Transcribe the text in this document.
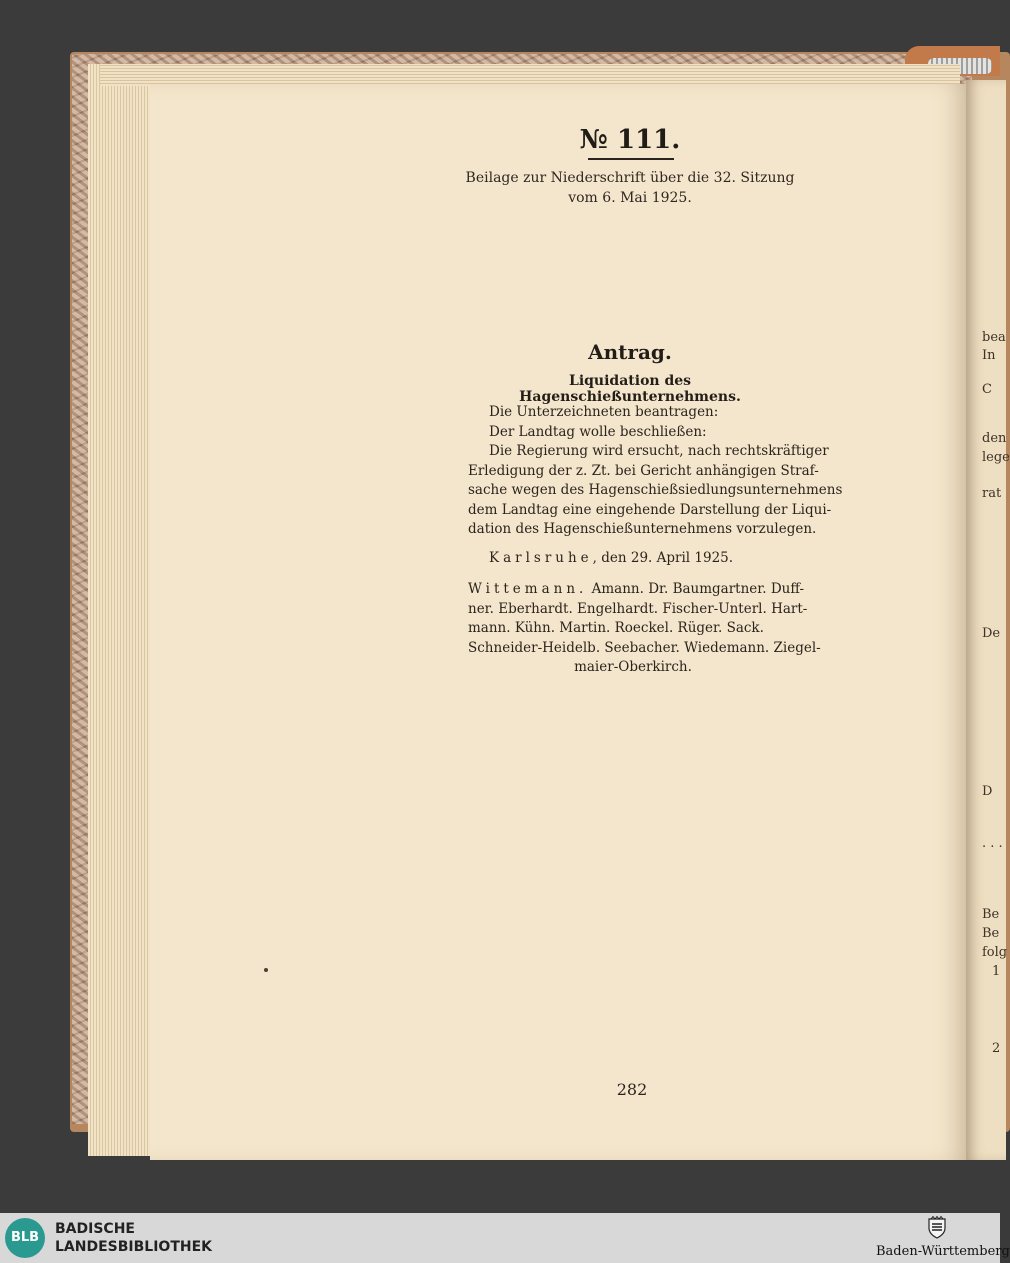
bea
In
C
den
lege
rat
De
D
. . .
Be
Be
folg
1
2
№ 111.
Beilage zur Niederschrift über die 32. Sitzung
vom 6. Mai 1925.
Antrag.
Liquidation des Hagenschießunternehmens.
Die Unterzeichneten beantragen:
Der Landtag wolle beschließen:
Die Regierung wird ersucht, nach rechtskräftiger
Erledigung der z. Zt. bei Gericht anhängigen Straf-
sache wegen des Hagenschießsiedlungsunternehmens
dem Landtag eine eingehende Darstellung der Liqui-
dation des Hagenschießunternehmens vorzulegen.
Karlsruhe, den 29. April 1925.
Wittemann. Amann. Dr. Baumgartner. Duff-
ner. Eberhardt. Engelhardt. Fischer-Unterl. Hart-
mann. Kühn. Martin. Roeckel. Rüger. Sack.
Schneider-Heidelb. Seebacher. Wiedemann. Ziegel-
maier-Oberkirch.
282
BLB
BADISCHE
LANDESBIBLIOTHEK	Baden-Württemberg
